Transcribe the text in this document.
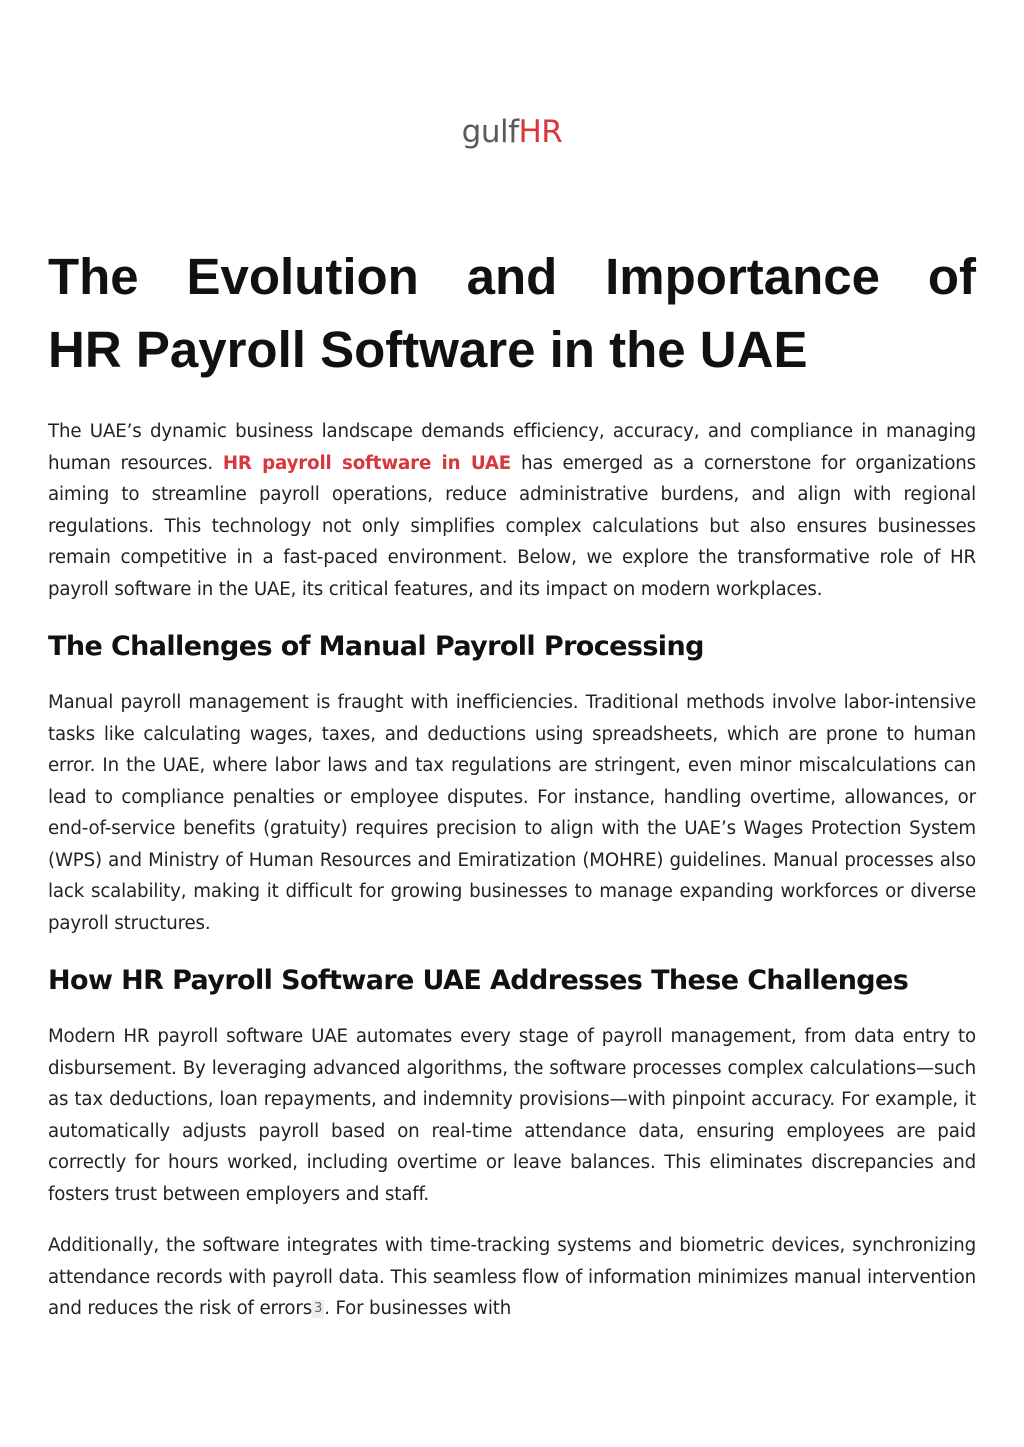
gulfHR
The Evolution and Importance of
HR Payroll Software in the UAE

The UAE’s dynamic business landscape demands efficiency, accuracy, and compliance in managing human resources. HR payroll software in UAE has emerged as a cornerstone for organizations aiming to streamline payroll operations, reduce administrative burdens, and align with regional regulations. This technology not only simplifies complex calculations but also ensures businesses remain competitive in a fast-paced environment. Below, we explore the transformative role of HR payroll software in the UAE, its critical features, and its impact on modern workplaces.

The Challenges of Manual Payroll Processing

Manual payroll management is fraught with inefficiencies. Traditional methods involve labor-intensive tasks like calculating wages, taxes, and deductions using spreadsheets, which are prone to human error. In the UAE, where labor laws and tax regulations are stringent, even minor miscalculations can lead to compliance penalties or employee disputes. For instance, handling overtime, allowances, or end-of-service benefits (gratuity) requires precision to align with the UAE’s Wages Protection System (WPS) and Ministry of Human Resources and Emiratization (MOHRE) guidelines. Manual processes also lack scalability, making it difficult for growing businesses to manage expanding workforces or diverse payroll structures.

How HR Payroll Software UAE Addresses These Challenges

Modern HR payroll software UAE automates every stage of payroll management, from data entry to disbursement. By leveraging advanced algorithms, the software processes complex calculations—such as tax deductions, loan repayments, and indemnity provisions—with pinpoint accuracy. For example, it automatically adjusts payroll based on real-time attendance data, ensuring employees are paid correctly for hours worked, including overtime or leave balances. This eliminates discrepancies and fosters trust between employers and staff.

Additionally, the software integrates with time-tracking systems and biometric devices, synchronizing attendance records with payroll data. This seamless flow of information minimizes manual intervention and reduces the risk of errors 3 . For businesses with
